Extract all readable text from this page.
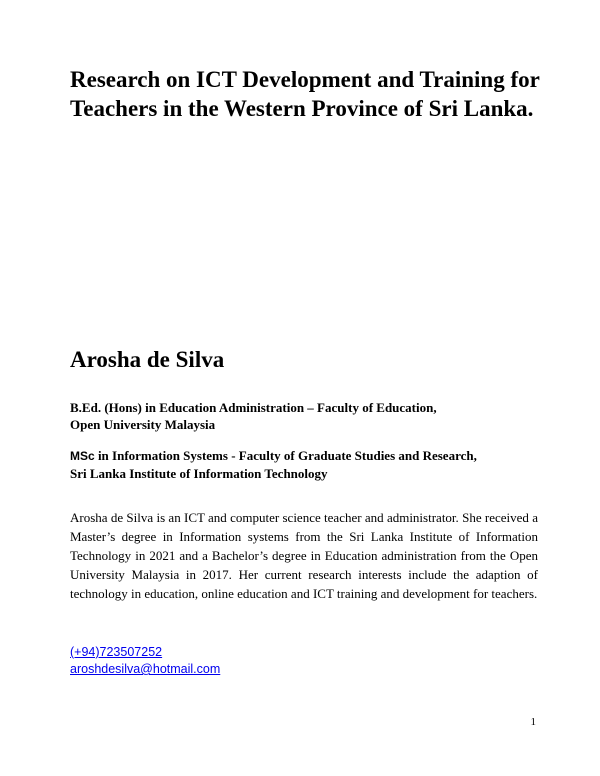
Research on ICT Development and Training for Teachers in the Western Province of Sri Lanka.
Arosha de Silva
B.Ed. (Hons) in Education Administration – Faculty of Education,
Open University Malaysia
MSc in Information Systems - Faculty of Graduate Studies and Research,
Sri Lanka Institute of Information Technology

Arosha de Silva is an ICT and computer science teacher and administrator. She received a Master’s degree in Information systems from the Sri Lanka Institute of Information Technology in 2021 and a Bachelor’s degree in Education administration from the Open University Malaysia in 2017. Her current research interests include the adaption of technology in education, online education and ICT training and development for teachers.

(+94)723507252
aroshdesilva@hotmail.com
1
